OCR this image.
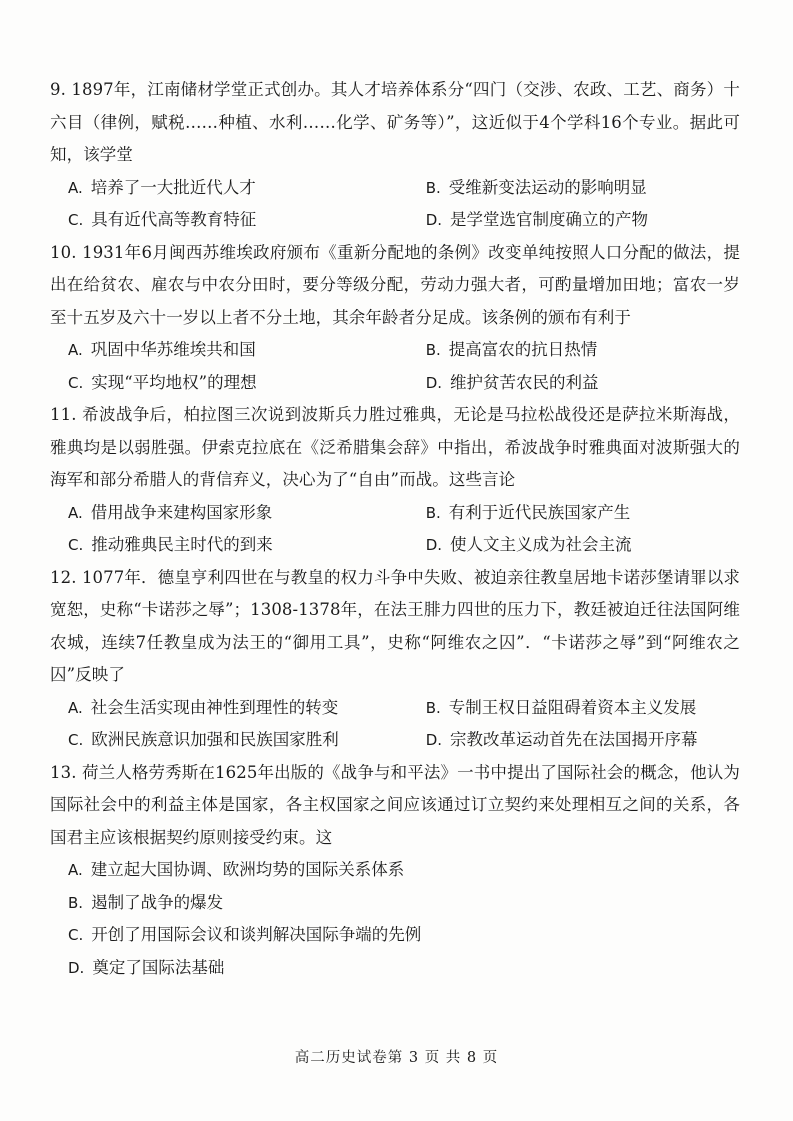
9. 1897年，江南储材学堂正式创办。其人才培养体系分“四门（交涉、农政、工艺、商务）十六目（律例，赋税……种植、水利……化学、矿务等）”，这近似于4个学科16个专业。据此可知，该学堂

A. 培养了一大批近代人才	B. 受维新变法运动的影响明显
C. 具有近代高等教育特征	D. 是学堂选官制度确立的产物

10. 1931年6月闽西苏维埃政府颁布《重新分配地的条例》改变单纯按照人口分配的做法，提出在给贫农、雇农与中农分田时，要分等级分配，劳动力强大者，可酌量增加田地；富农一岁至十五岁及六十一岁以上者不分土地，其余年龄者分足成。该条例的颁布有利于

A. 巩固中华苏维埃共和国	B. 提高富农的抗日热情
C. 实现“平均地权”的理想	D. 维护贫苦农民的利益

11. 希波战争后，柏拉图三次说到波斯兵力胜过雅典，无论是马拉松战役还是萨拉米斯海战，雅典均是以弱胜强。伊索克拉底在《泛希腊集会辞》中指出，希波战争时雅典面对波斯强大的海军和部分希腊人的背信弃义，决心为了“自由”而战。这些言论

A. 借用战争来建构国家形象	B. 有利于近代民族国家产生
C. 推动雅典民主时代的到来	D. 使人文主义成为社会主流

12. 1077年．德皇亨利四世在与教皇的权力斗争中失败、被迫亲往教皇居地卡诺莎堡请罪以求宽恕，史称“卡诺莎之辱”；1308-1378年，在法王腓力四世的压力下，教廷被迫迁往法国阿维农城，连续7任教皇成为法王的“御用工具”，史称“阿维农之囚”．“卡诺莎之辱”到“阿维农之囚”反映了

A. 社会生活实现由神性到理性的转变	B. 专制王权日益阻碍着资本主义发展
C. 欧洲民族意识加强和民族国家胜利	D. 宗教改革运动首先在法国揭开序幕

13. 荷兰人格劳秀斯在1625年出版的《战争与和平法》一书中提出了国际社会的概念，他认为国际社会中的利益主体是国家，各主权国家之间应该通过订立契约来处理相互之间的关系，各国君主应该根据契约原则接受约束。这

A. 建立起大国协调、欧洲均势的国际关系体系
B. 遏制了战争的爆发
C. 开创了用国际会议和谈判解决国际争端的先例
D. 奠定了国际法基础
高二历史试卷第 3 页 共 8 页
